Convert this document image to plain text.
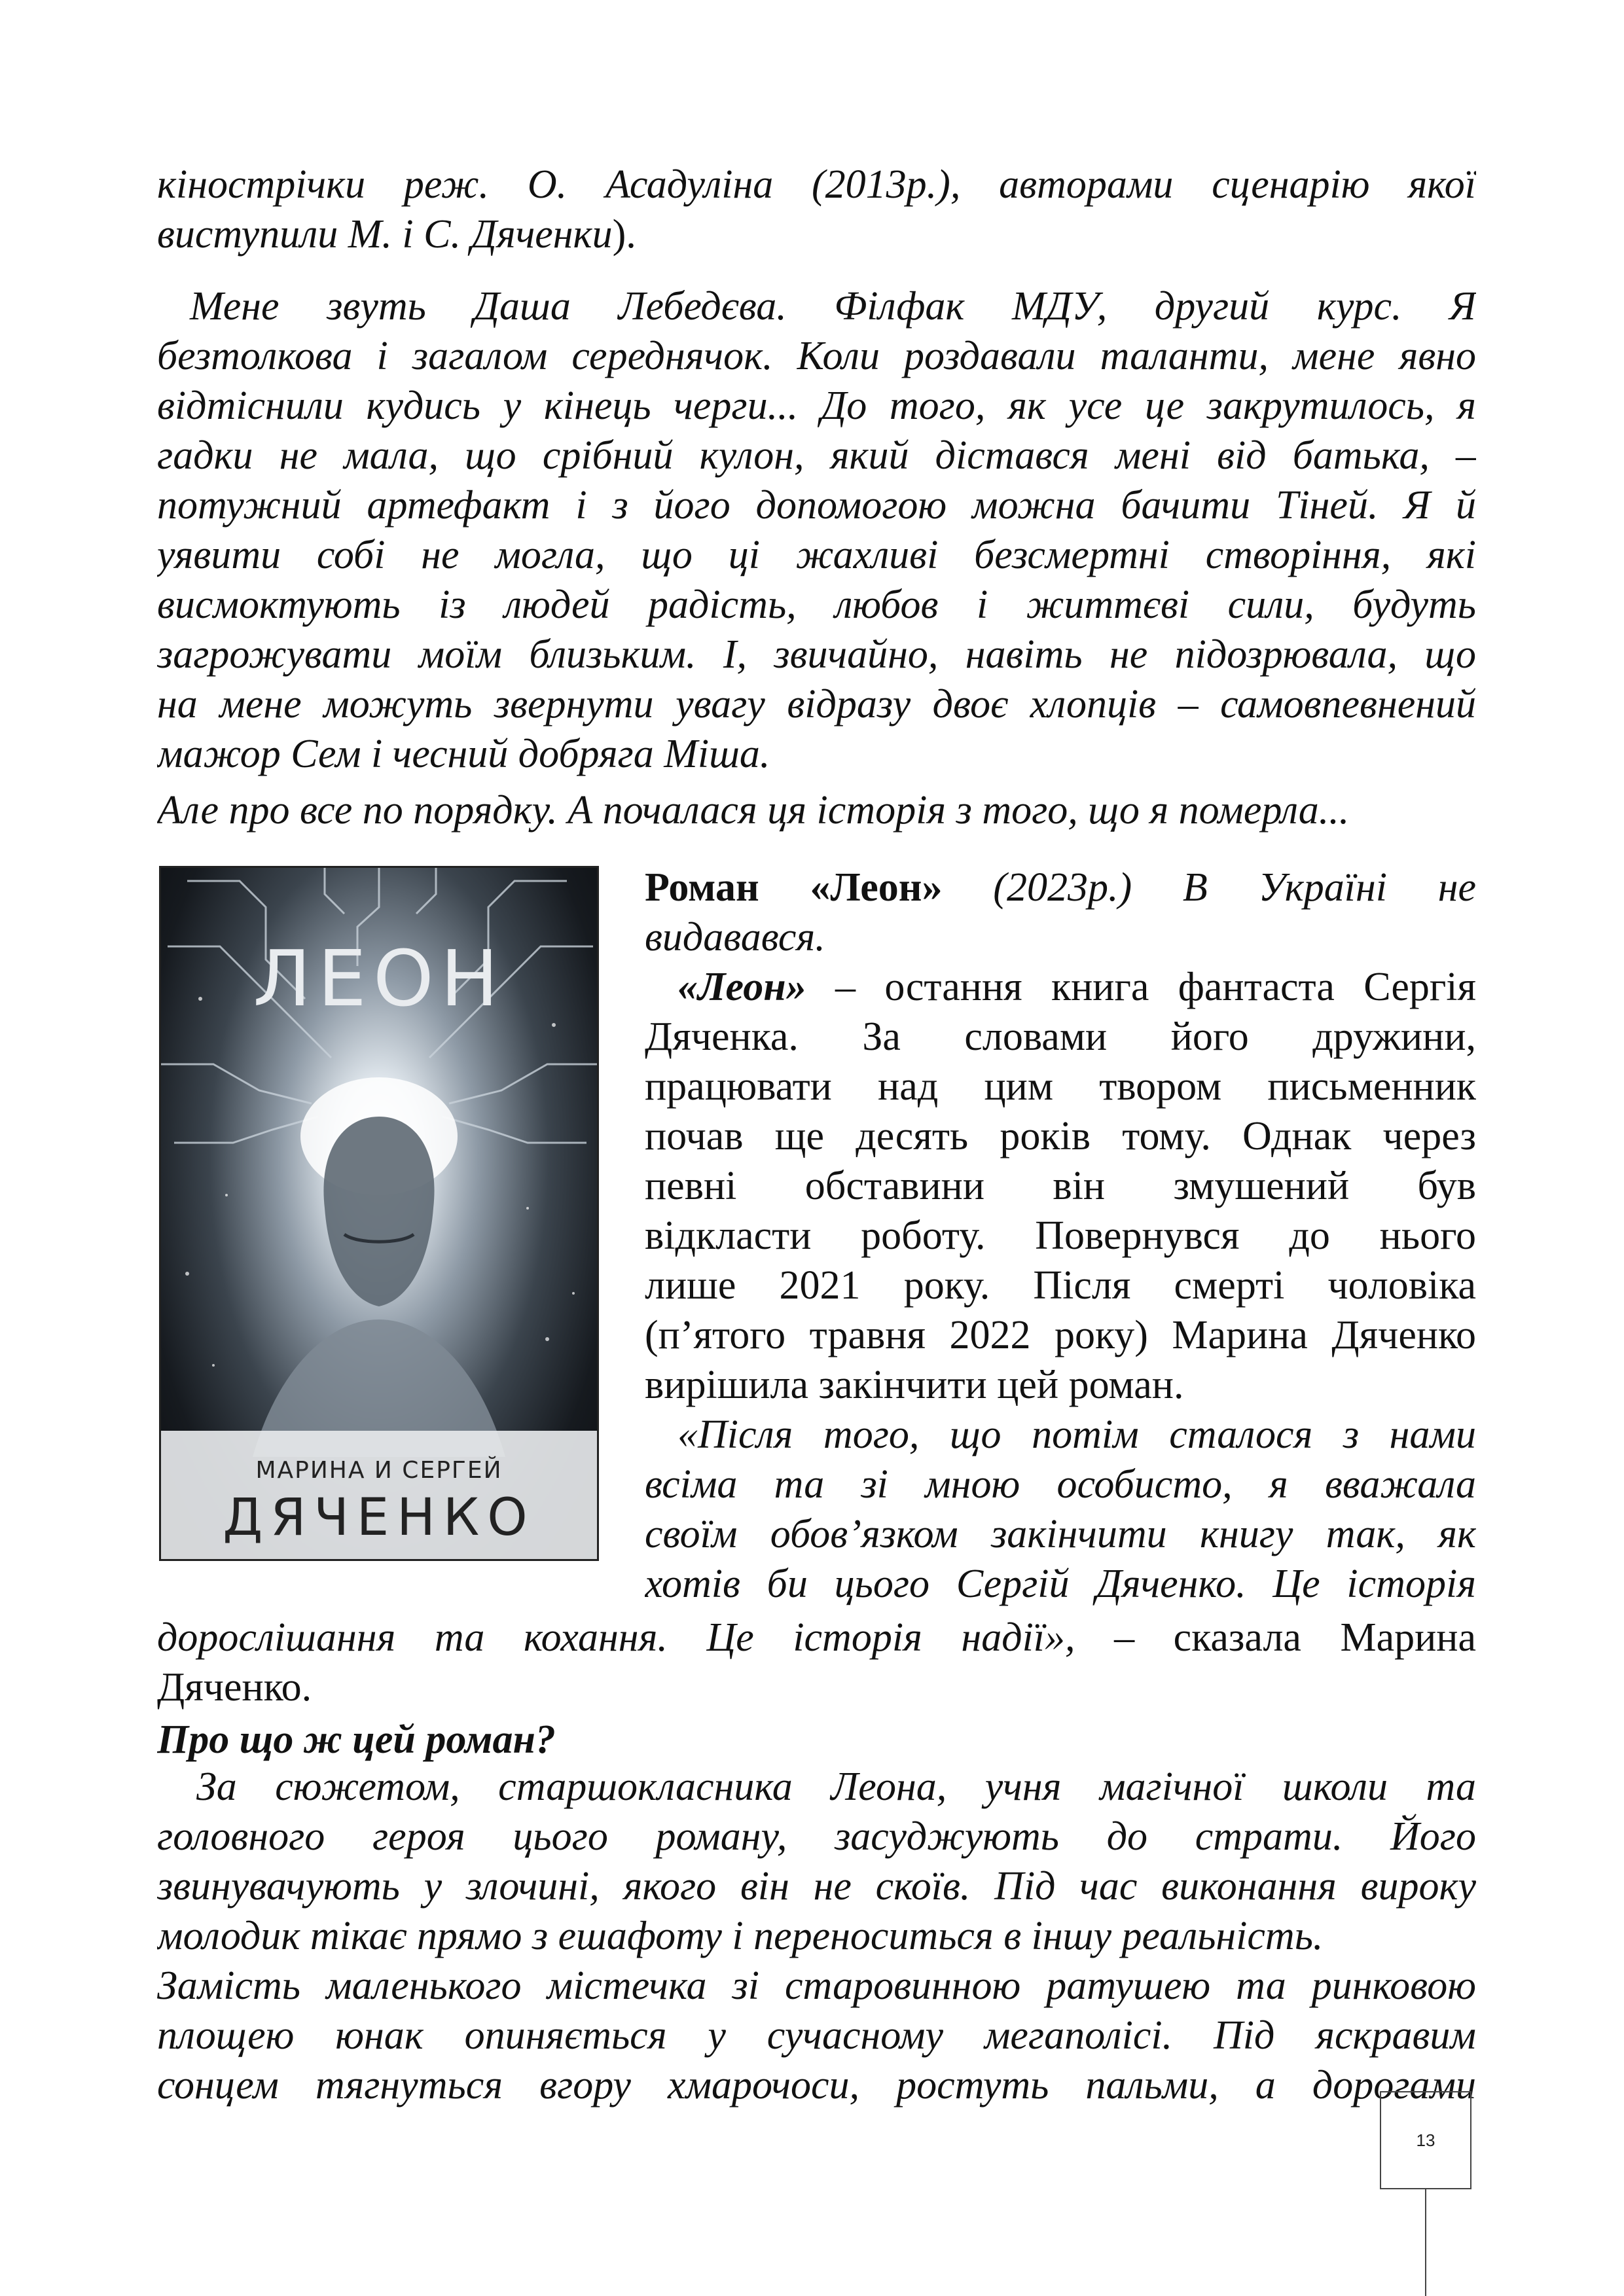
кінострічки реж. О. Асадуліна (2013р.), авторами сценарію якої
виступили М. і С. Дяченки).
Мене звуть Даша Лебедєва. Філфак МДУ, другий курс. Я
безтолкова і загалом середнячок. Коли роздавали таланти, мене явно
відтіснили кудись у кінець черги... До того, як усе це закрутилось, я
гадки не мала, що срібний кулон, який дістався мені від батька, –
потужний артефакт і з його допомогою можна бачити Тіней. Я й
уявити собі не могла, що ці жахливі безсмертні створіння, які
висмоктують із людей радість, любов і життєві сили, будуть
загрожувати моїм близьким. І, звичайно, навіть не підозрювала, що
на мене можуть звернути увагу відразу двоє хлопців – самовпевнений
мажор Сем і чесний добряга Міша.
Але про все по порядку. А почалася ця історія з того, що я померла...
ЛЕОН
МАРИНА И СЕРГЕЙ
ДЯЧЕНКО
Роман «Леон» (2023р.) В Україні не
видавався.
«Леон» – остання книга фантаста Сергія
Дяченка. За словами його дружини,
працювати над цим твором письменник
почав ще десять років тому. Однак через
певні обставини він змушений був
відкласти роботу. Повернувся до нього
лише 2021 року. Після смерті чоловіка
(п’ятого травня 2022 року) Марина Дяченко
вирішила закінчити цей роман.
«Після того, що потім сталося з нами
всіма та зі мною особисто, я вважала
своїм обов’язком закінчити книгу так, як
хотів би цього Сергій Дяченко. Це історія
дорослішання та кохання. Це історія надії», – сказала Марина
Дяченко.
Про що ж цей роман?
За сюжетом, старшокласника Леона, учня магічної школи та
головного героя цього роману, засуджують до страти. Його
звинувачують у злочині, якого він не скоїв. Під час виконання вироку
молодик тікає прямо з ешафоту і переноситься в іншу реальність.
Замість маленького містечка зі старовинною ратушею та ринковою
площею юнак опиняється у сучасному мегаполісі. Під яскравим
сонцем тягнуться вгору хмарочоси, ростуть пальми, а дорогами
13
